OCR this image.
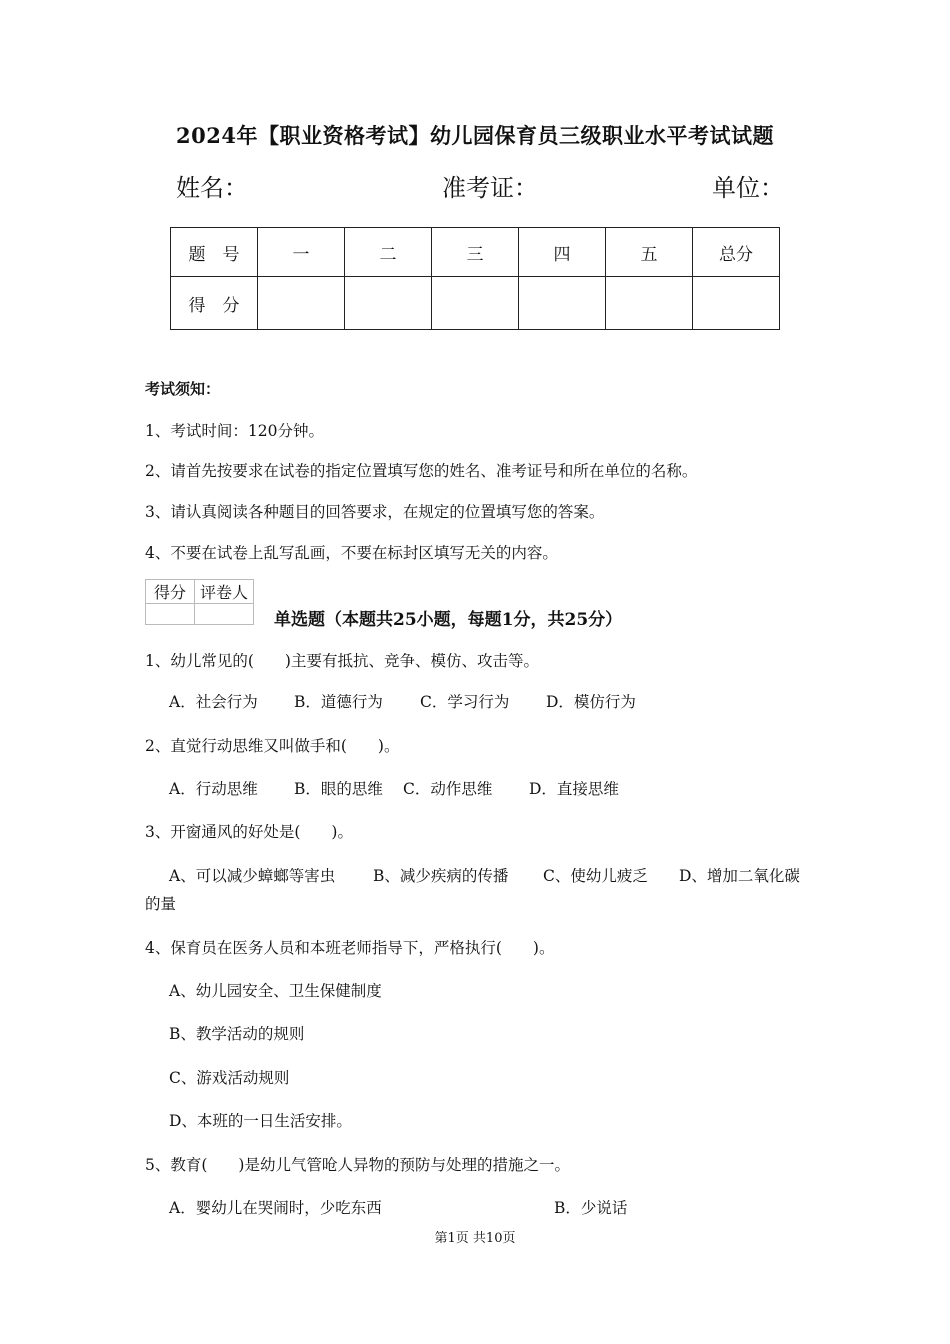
2024年【职业资格考试】幼儿园保育员三级职业水平考试试题
姓名：	准考证：	单位：
题　号	一	二	三	四	五	总分
得　分						
考试须知：
1、考试时间：120分钟。
2、请首先按要求在试卷的指定位置填写您的姓名、准考证号和所在单位的名称。
3、请认真阅读各种题目的回答要求，在规定的位置填写您的答案。
4、不要在试卷上乱写乱画，不要在标封区填写无关的内容。
得分	评卷人

单选题（本题共25小题，每题1分，共25分）
1、幼儿常见的(　　)主要有抵抗、竞争、模仿、攻击等。
A．社会行为 B．道德行为 C．学习行为 D．模仿行为
2、直觉行动思维又叫做手和(　　)。
A．行动思维 B．眼的思维 C．动作思维 D．直接思维
3、开窗通风的好处是(　　)。
A、可以减少蟑螂等害虫 B、减少疾病的传播 C、使幼儿疲乏 D、增加二氧化碳
的量
4、保育员在医务人员和本班老师指导下，严格执行(　　)。
A、幼儿园安全、卫生保健制度
B、教学活动的规则
C、游戏活动规则
D、本班的一日生活安排。
5、教育(　　)是幼儿气管呛人异物的预防与处理的措施之一。
A．婴幼儿在哭闹时，少吃东西	B．少说话
第1页 共10页
